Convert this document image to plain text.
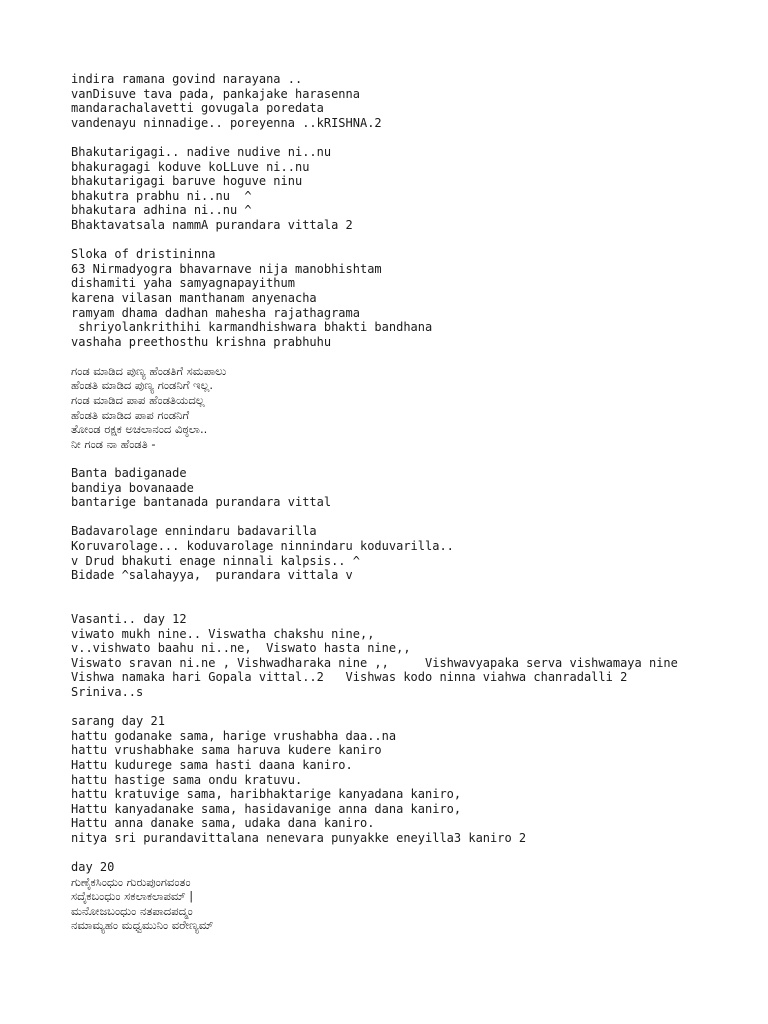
indira ramana govind narayana ..
vanDisuve tava pada, pankajake harasenna
mandarachalavetti govugala poredata
vandenayu ninnadige.. poreyenna ..kRISHNA.2
Bhakutarigagi.. nadive nudive ni..nu
bhakuragagi koduve koLLuve ni..nu
bhakutarigagi baruve hoguve ninu
bhakutra prabhu ni..nu  ^
bhakutara adhina ni..nu ^
Bhaktavatsala nammA purandara vittala 2
Sloka of dristininna
63 Nirmadyogra bhavarnave nija manobhishtam
dishamiti yaha samyagnapayithum
karena vilasan manthanam anyenacha
ramyam dhama dadhan mahesha rajathagrama
shriyolankrithihi karmandhishwara bhakti bandhana
vashaha preethosthu krishna prabhuhu
ಗಂಡ ಮಾಡಿದ ಪುಣ್ಯ ಹೆಂಡತಿಗೆ ಸಮಪಾಲು
ಹೆಂಡತಿ ಮಾಡಿದ ಪುಣ್ಯ ಗಂಡನಿಗೆ ಇಲ್ಲ.
ಗಂಡ ಮಾಡಿದ ಪಾಪ ಹೆಂಡತಿಯದಲ್ಲ
ಹೆಂಡತಿ ಮಾಡಿದ ಪಾಪ ಗಂಡನಿಗೆ
ತೋಂಡ ರಕ್ಷಕ ಅಚಲಾನಂದ ವಿಠ್ಠಲಾ..
ನೀ ಗಂಡ ನಾ ಹೆಂಡತಿ -
Banta badiganade
bandiya bovanaade
bantarige bantanada purandara vittal
Badavarolage ennindaru badavarilla
Koruvarolage... koduvarolage ninnindaru koduvarilla..
v Drud bhakuti enage ninnali kalpsis.. ^
Bidade ^salahayya,  purandara vittala v
Vasanti.. day 12
viwato mukh nine.. Viswatha chakshu nine,,
v..vishwato baahu ni..ne,  Viswato hasta nine,,
Viswato sravan ni.ne , Vishwadharaka nine ,,     Vishwavyapaka serva vishwamaya nine
Vishwa namaka hari Gopala vittal..2   Vishwas kodo ninna viahwa chanradalli 2
Sriniva..s
sarang day 21
hattu godanake sama, harige vrushabha daa..na
hattu vrushabhake sama haruva kudere kaniro
Hattu kuduregе sama hasti daana kaniro.
hattu hastige sama ondu kratuvu.
hattu kratuvige sama, haribhaktarige kanyadana kaniro,
Hattu kanyadanake sama, hasidavanige anna dana kaniro,
Hattu anna danake sama, udaka dana kaniro.
nitya sri purandavittalana nenevara punyakke eneyilla3 kaniro 2
day 20
ಗುಣೈಕಸಿಂಧುಂ ಗುರುಪುಂಗವಂತಂ
ಸದೈಕಬಂಧುಂ ಸಕಲಾಕಲಾಪಮ್ |
ಮನೋಜಬಂಧುಂ ನತಪಾದಪದ್ಮಂ
ನಮಾಮ್ಯಹಂ ಮಧ್ವಮುನಿಂ ವರೇಣ್ಯಮ್
